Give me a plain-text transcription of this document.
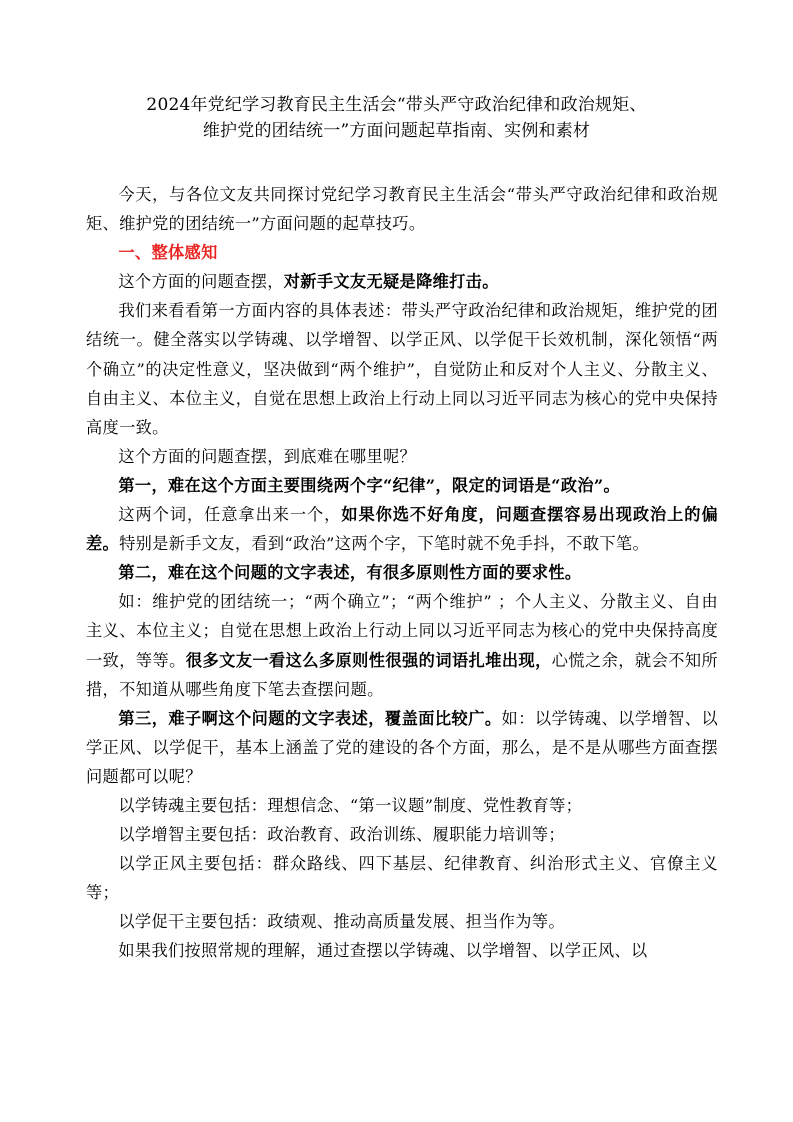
2024年党纪学习教育民主生活会“带头严守政治纪律和政治规矩、
维护党的团结统一”方面问题起草指南、实例和素材

今天，与各位文友共同探讨党纪学习教育民主生活会“带头严守政治纪律和政治规矩、维护党的团结统一”方面问题的起草技巧。

一、整体感知

这个方面的问题查摆，对新手文友无疑是降维打击。

我们来看看第一方面内容的具体表述：带头严守政治纪律和政治规矩，维护党的团结统一。健全落实以学铸魂、以学增智、以学正风、以学促干长效机制，深化领悟“两个确立”的决定性意义，坚决做到“两个维护”，自觉防止和反对个人主义、分散主义、自由主义、本位主义，自觉在思想上政治上行动上同以习近平同志为核心的党中央保持高度一致。

这个方面的问题查摆，到底难在哪里呢？

第一，难在这个方面主要围绕两个字“纪律”，限定的词语是“政治”。

这两个词，任意拿出来一个，如果你选不好角度，问题查摆容易出现政治上的偏差。特别是新手文友，看到“政治”这两个字，下笔时就不免手抖，不敢下笔。

第二，难在这个问题的文字表述，有很多原则性方面的要求性。

如：维护党的团结统一；“两个确立”；“两个维护” ；个人主义、分散主义、自由主义、本位主义；自觉在思想上政治上行动上同以习近平同志为核心的党中央保持高度一致，等等。很多文友一看这么多原则性很强的词语扎堆出现，心慌之余，就会不知所措，不知道从哪些角度下笔去查摆问题。

第三，难子啊这个问题的文字表述，覆盖面比较广。如：以学铸魂、以学增智、以学正风、以学促干，基本上涵盖了党的建设的各个方面，那么，是不是从哪些方面查摆问题都可以呢？

以学铸魂主要包括：理想信念、“第一议题”制度、党性教育等；

以学增智主要包括：政治教育、政治训练、履职能力培训等；

以学正风主要包括：群众路线、四下基层、纪律教育、纠治形式主义、官僚主义等；

以学促干主要包括：政绩观、推动高质量发展、担当作为等。

如果我们按照常规的理解，通过查摆以学铸魂、以学增智、以学正风、以
